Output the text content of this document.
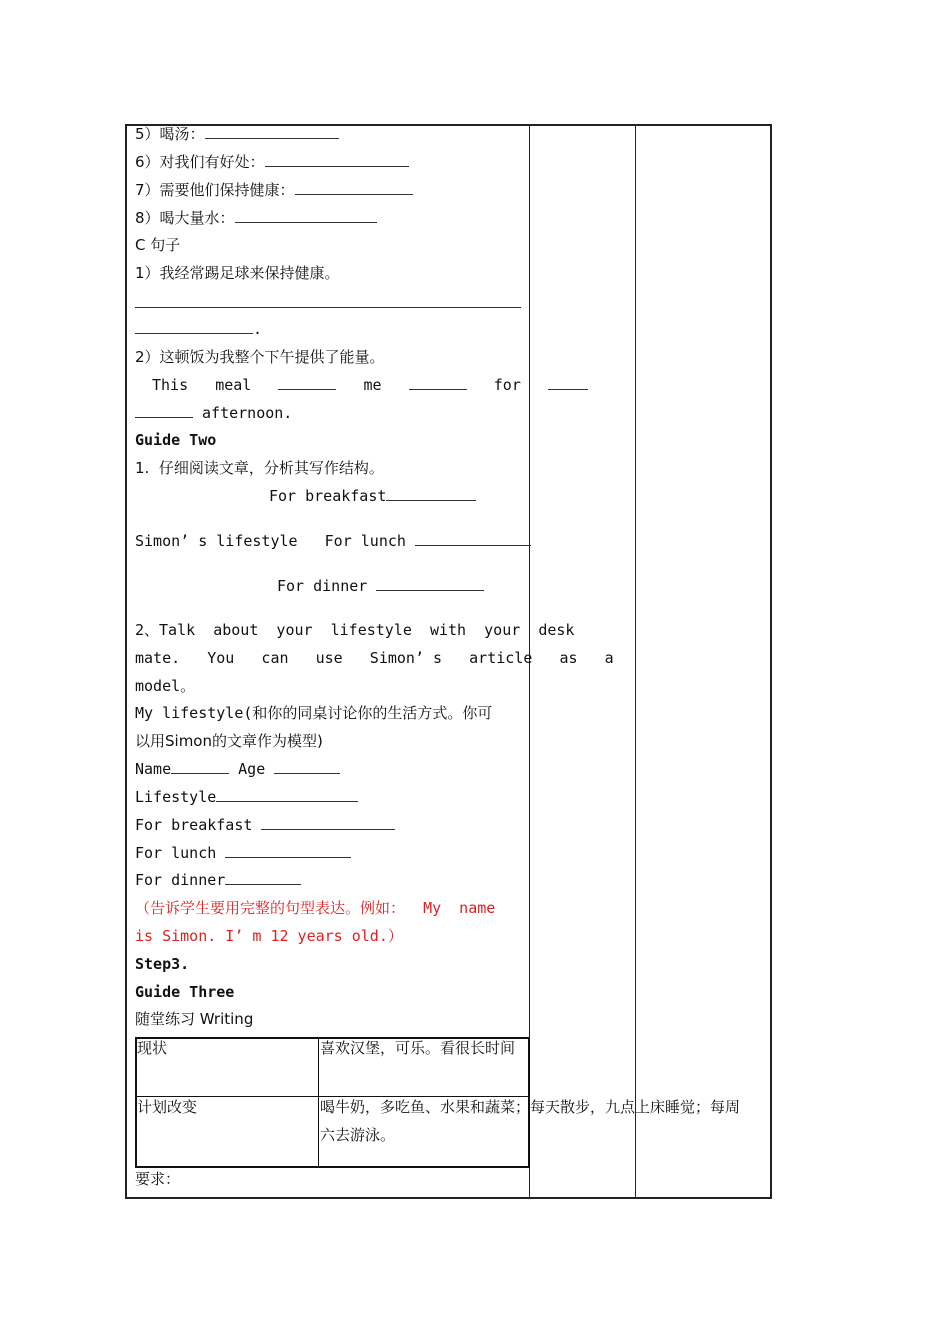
5）喝汤：
6）对我们有好处：
7）需要他们保持健康：
8）喝大量水：
C 句子
1）我经常踢足球来保持健康。
.
2）这顿饭为我整个下午提供了能量。
This meal	me	for
afternoon.
Guide Two
1.  仔细阅读文章，分析其写作结构。
For breakfast
Simon’ s lifestyle For lunch
For dinner
2、Talk  about  your  lifestyle  with  your  desk
mate.   You   can   use   Simon’ s   article   as   a
model。
My lifestyle(和你的同桌讨论你的生活方式。你可
以用Simon的文章作为模型)
Name	Age
Lifestyle
For breakfast
For lunch
For dinner
（告诉学生要用完整的句型表达。例如：  My  name
is Simon. I’ m 12 years old.）
Step3.
Guide Three
随堂练习 Writing
现状	喜欢汉堡，可乐。看很长时间
计划改变	喝牛奶，多吃鱼、水果和蔬菜；每天散步，九点上床睡觉；每周
六去游泳。
要求：
